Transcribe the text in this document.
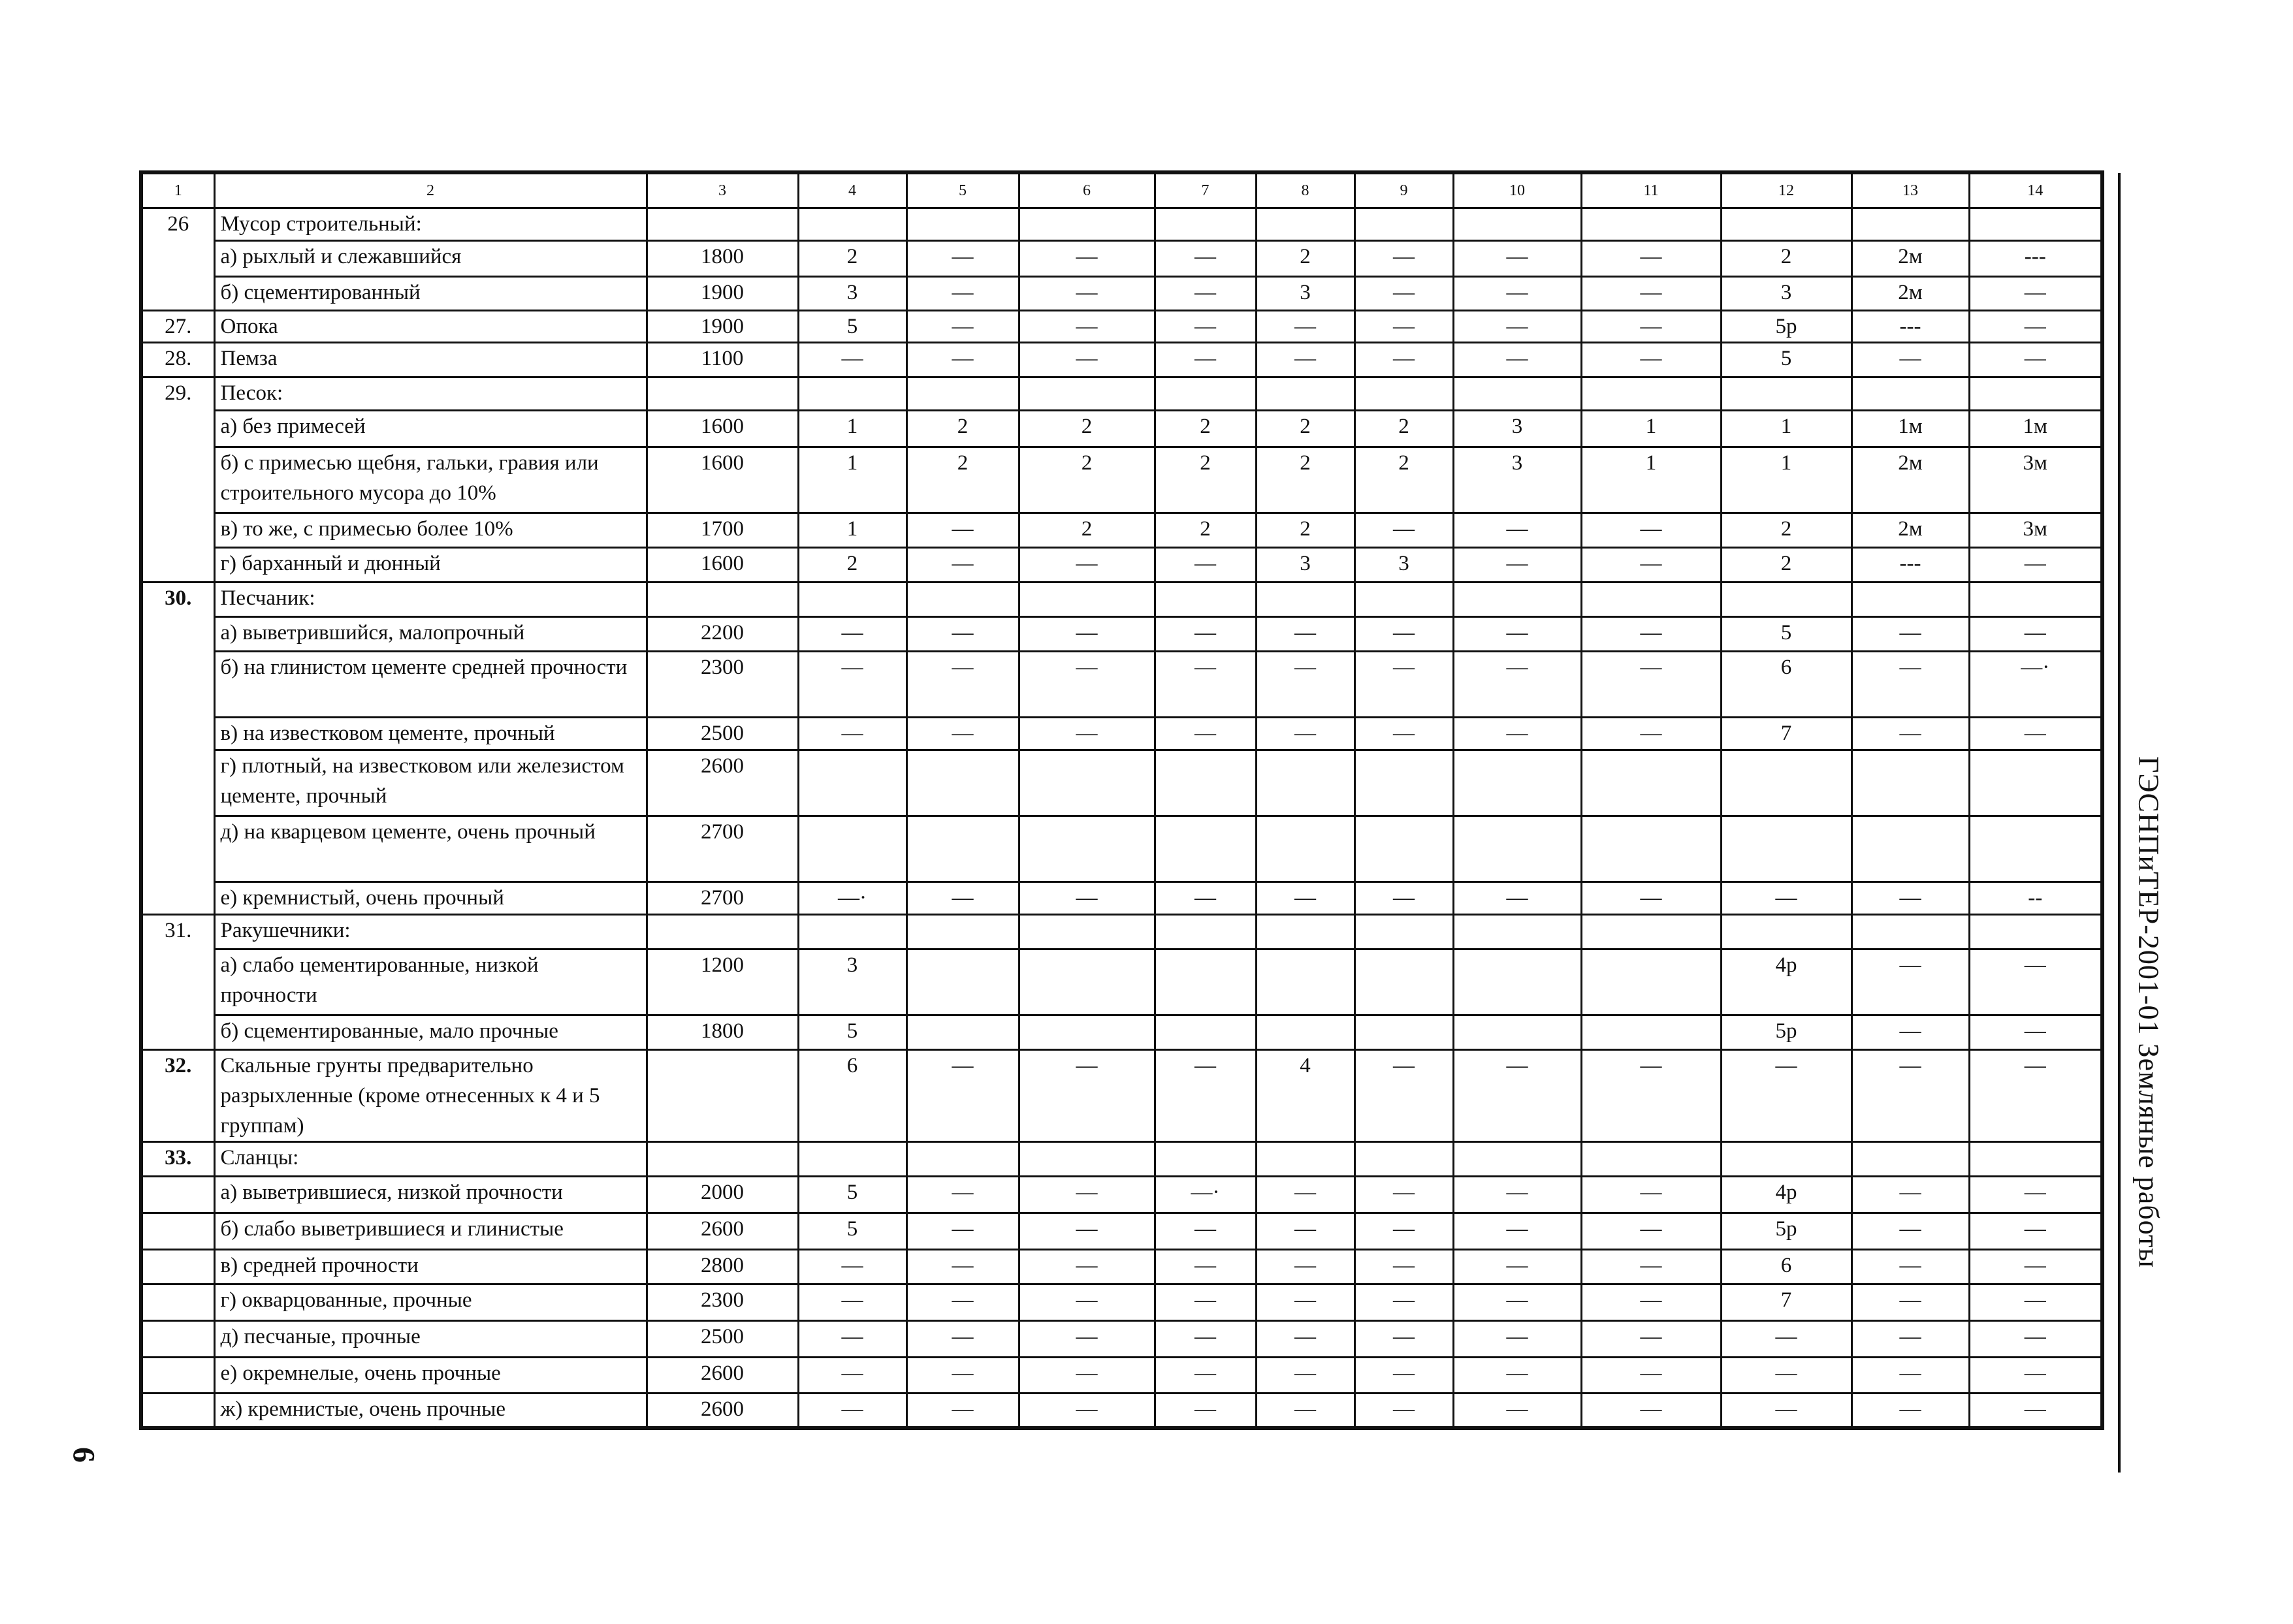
1	2	3	4	5	6	7	8	9	10	11	12	13	14
26	Мусор строительный:												
	а) рыхлый и слежавшийся	1800	2	—	—	—	2	—	—	—	2	2м	---
	б) сцементированный	1900	3	—	—	—	3	—	—	—	3	2м	—
27.	Опока	1900	5	—	—	—	—	—	—	—	5р	---	—
28.	Пемза	1100	—	—	—	—	—	—	—	—	5	—	—
29.	Песок:												
	а) без примесей	1600	1	2	2	2	2	2	3	1	1	1м	1м
	б) с примесью щебня, гальки, гравия или строительного мусора до 10%	1600	1	2	2	2	2	2	3	1	1	2м	3м
	в) то же, с примесью более 10%	1700	1	—	2	2	2	—	—	—	2	2м	3м
	г) барханный и дюнный	1600	2	—	—	—	3	3	—	—	2	---	—
30.	Песчаник:												
	а) выветрившийся, малопрочный	2200	—	—	—	—	—	—	—	—	5	—	—
	б) на глинистом цементе средней прочности	2300	—	—	—	—	—	—	—	—	6	—	—·
	в) на известковом цементе, прочный	2500	—	—	—	—	—	—	—	—	7	—	—
	г) плотный, на известковом или железистом цементе, прочный	2600											
	д) на кварцевом цементе, очень прочный	2700											
	е) кремнистый, очень прочный	2700	—·	—	—	—	—	—	—	—	—	—	--
31.	Ракушечники:												
	а) слабо цементированные, низкой прочности	1200	3								4р	—	—
	б) сцементированные, мало прочные	1800	5								5р	—	—
32.	Скальные грунты предварительно разрыхленные (кроме отнесенных к 4 и 5 группам)		6	—	—	—	4	—	—	—	—	—	—
33.	Сланцы:												
	а) выветрившиеся, низкой прочности	2000	5	—	—	—·	—	—	—	—	4р	—	—
	б) слабо выветрившиеся и глинистые	2600	5	—	—	—	—	—	—	—	5р	—	—
	в) средней прочности	2800	—	—	—	—	—	—	—	—	6	—	—
	г) окварцованные, прочные	2300	—	—	—	—	—	—	—	—	7	—	—
	д) песчаные, прочные	2500	—	—	—	—	—	—	—	—	—	—	—
	е) окремнелые, очень прочные	2600	—	—	—	—	—	—	—	—	—	—	—
	ж) кремнистые, очень прочные	2600	—	—	—	—	—	—	—	—	—	—	—
ГЭСНПиТЕР-2001-01 Земляные работы
6
